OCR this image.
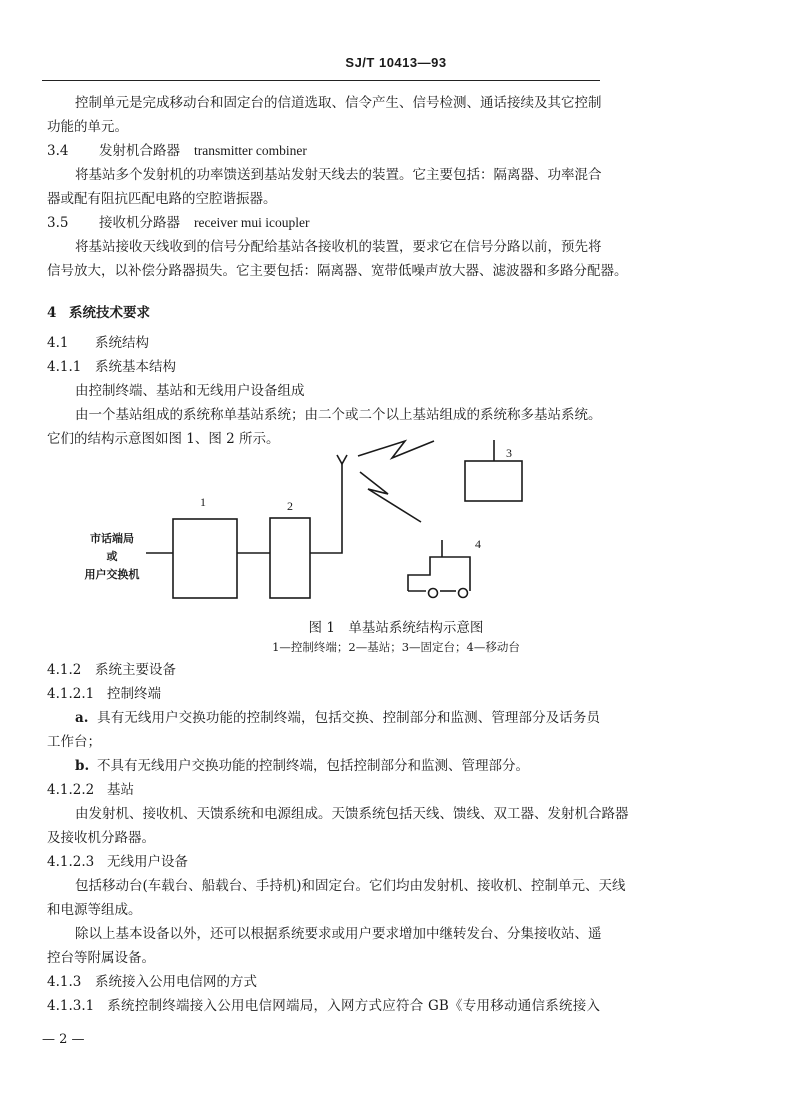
SJ/T 10413—93
控制单元是完成移动台和固定台的信道选取、信令产生、信号检测、通话接续及其它控制
功能的单元。
3.4 发射机合路器 transmitter combiner
将基站多个发射机的功率馈送到基站发射天线去的装置。它主要包括：隔离器、功率混合
器或配有阻抗匹配电路的空腔谐振器。
3.5 接收机分路器 receiver mui icoupler
将基站接收天线收到的信号分配给基站各接收机的装置，要求它在信号分路以前，预先将
信号放大，以补偿分路器损失。它主要包括：隔离器、宽带低噪声放大器、滤波器和多路分配器。
4 系统技术要求
4.1 系统结构
4.1.1 系统基本结构
由控制终端、基站和无线用户设备组成
由一个基站组成的系统称单基站系统；由二个或二个以上基站组成的系统称多基站系统。
它们的结构示意图如图 1、图 2 所示。
1	2
3
4
市话端局
或
用户交换机
图 1　单基站系统结构示意图
1—控制终端；2—基站；3—固定台；4—移动台
4.1.2 系统主要设备
4.1.2.1 控制终端
a. 具有无线用户交换功能的控制终端，包括交换、控制部分和监测、管理部分及话务员
工作台；
b. 不具有无线用户交换功能的控制终端，包括控制部分和监测、管理部分。
4.1.2.2 基站
由发射机、接收机、天馈系统和电源组成。天馈系统包括天线、馈线、双工器、发射机合路器
及接收机分路器。
4.1.2.3 无线用户设备
包括移动台(车载台、船载台、手持机)和固定台。它们均由发射机、接收机、控制单元、天线
和电源等组成。
除以上基本设备以外，还可以根据系统要求或用户要求增加中继转发台、分集接收站、遥
控台等附属设备。
4.1.3 系统接入公用电信网的方式
4.1.3.1 系统控制终端接入公用电信网端局，入网方式应符合 GB《专用移动通信系统接入
— 2 —
